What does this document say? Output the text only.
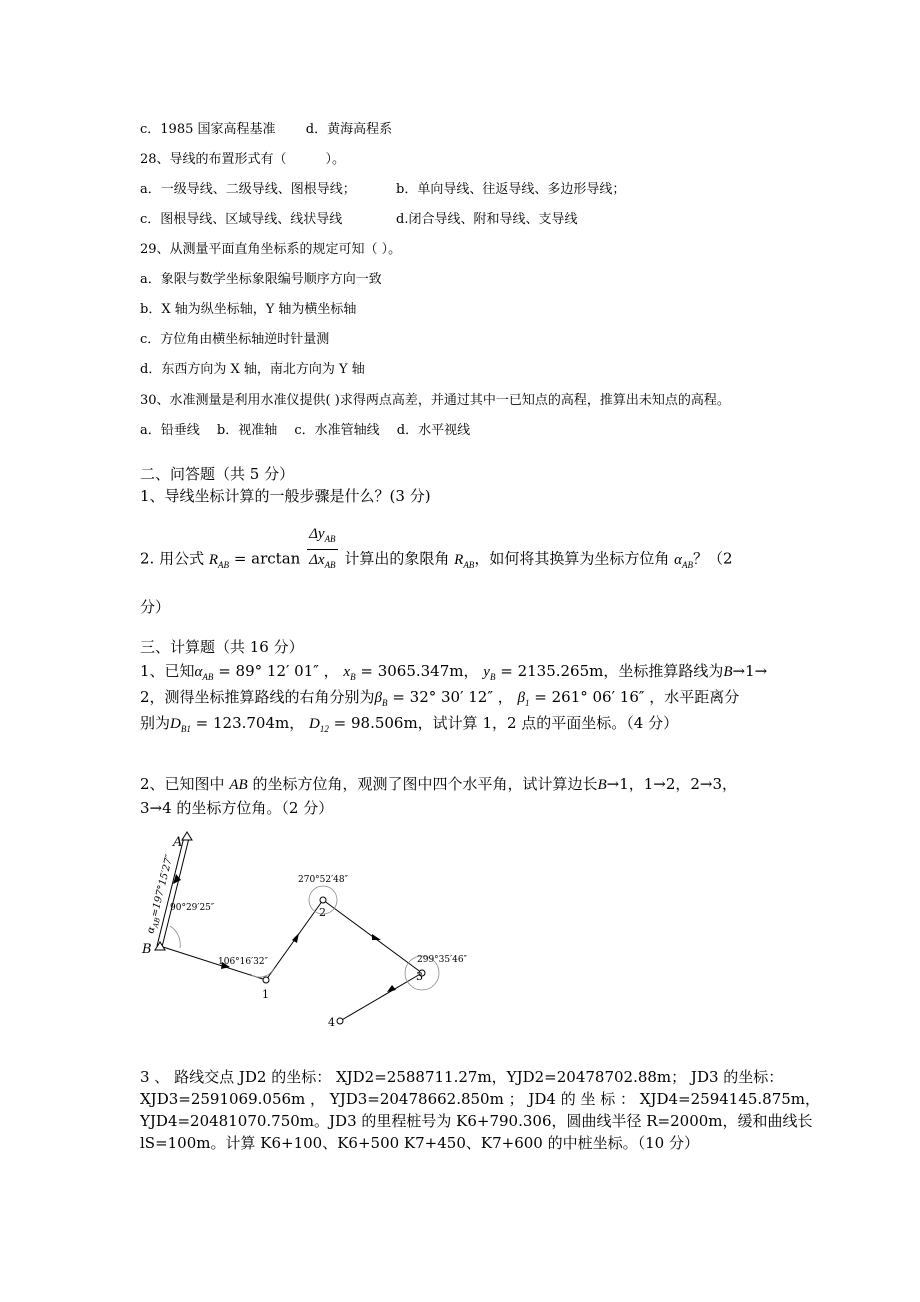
c．1985 国家高程基准 d．黄海高程系
28、导线的布置形式有（　　　）。
a．一级导线、二级导线、图根导线；	b．单向导线、往返导线、多边形导线；
c．图根导线、区域导线、线状导线	d.闭合导线、附和导线、支导线
29、从测量平面直角坐标系的规定可知（ ）。
a．象限与数学坐标象限编号顺序方向一致
b．X 轴为纵坐标轴，Y 轴为横坐标轴
c．方位角由横坐标轴逆时针量测
d．东西方向为 X 轴，南北方向为 Y 轴
30、水准测量是利用水准仪提供( )求得两点高差，并通过其中一已知点的高程，推算出未知点的高程。
a．铅垂线　 b．视准轴　 c．水准管轴线　 d．水平视线
二、问答题（共 5 分）
1、导线坐标计算的一般步骤是什么？(3 分)
2. 用公式 $R_{AB} = \arctan \frac{\Delta y_{AB}}{\Delta x_{AB}}$ 计算出的象限角 $R_{AB}$，如何将其换算为坐标方位角 $\alpha_{AB}$？（2
分）
三、计算题（共 16 分）
1、已知$\alpha_{AB} = 89^\circ$ 12′ 01″ ， $x_B = 3065.347m$， $y_B = 2135.265m$，坐标推算路线为B→1→
2，测得坐标推算路线的右角分别为$\beta_B = 32^\circ$ 30′ 12″ ， $\beta_1 = 261^\circ$ 06′ 16″ ，水平距离分
别为$D_{B1} = 123.704m$， $D_{12} = 98.506m$，试计算 1，2 点的平面坐标。（4 分）
2、已知图中 AB 的坐标方位角，观测了图中四个水平角，试计算边长B→1，1→2，2→3，
3→4 的坐标方位角。（2 分）
A
B
1
2
3
4
90°29′25″
106°16′32″
270°52′48″
299°35′46″
$\alpha_{AB}=197^\circ 15'27''$
3 、 路线交点 JD2 的坐标： XJD2=2588711.27m，YJD2=20478702.88m； JD3 的坐标：
XJD3=2591069.056m ， YJD3=20478662.850m ； JD4 的 坐 标 ： XJD4=2594145.875m，
YJD4=20481070.750m。JD3 的里程桩号为 K6+790.306，圆曲线半径 R=2000m，缓和曲线长
lS=100m。计算 K6+100、K6+500 K7+450、K7+600 的中桩坐标。（10 分）
